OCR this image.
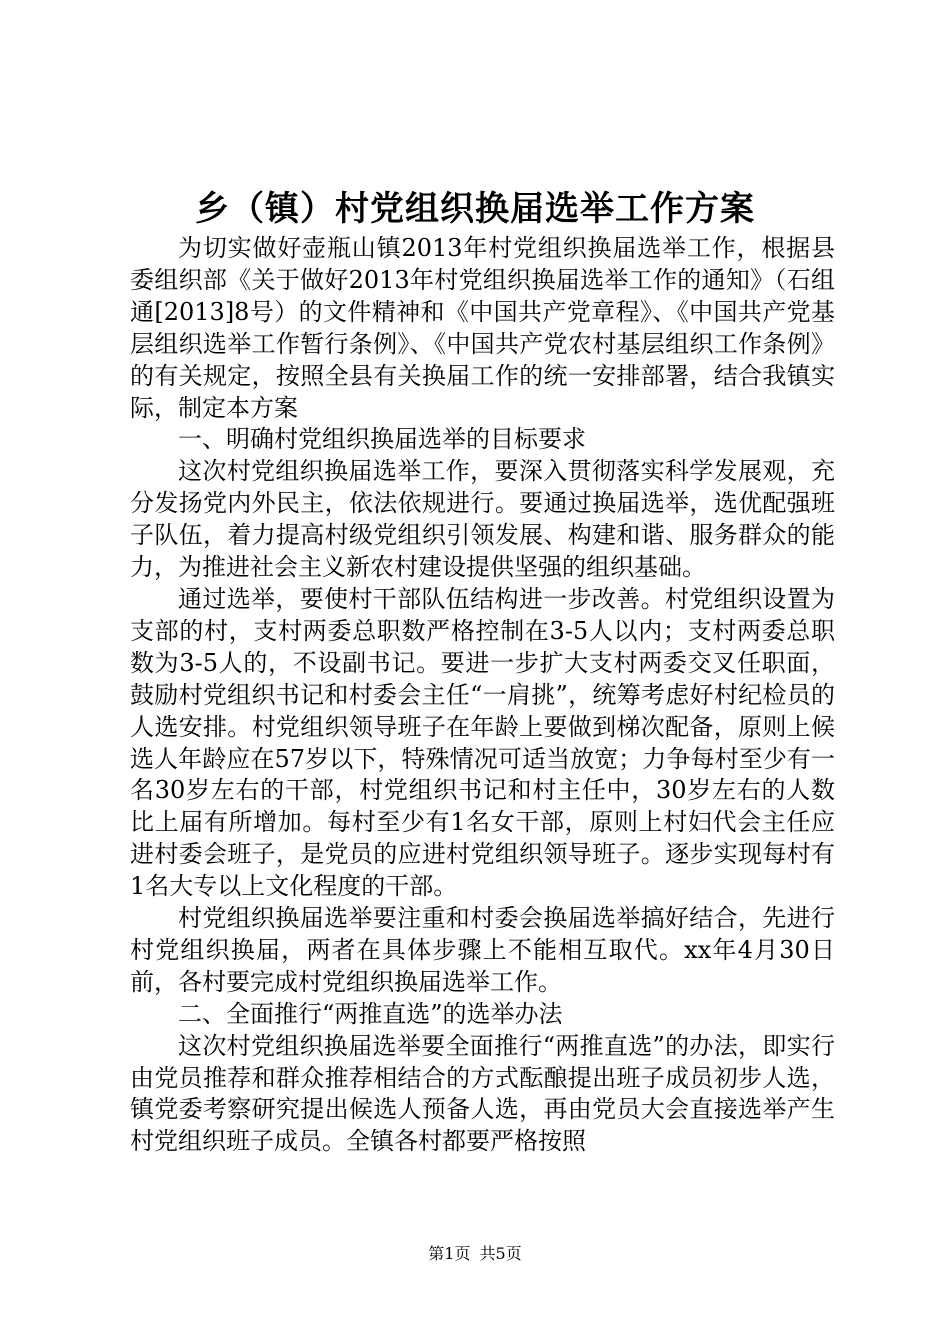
乡（镇）村党组织换届选举工作方案

为切实做好壶瓶山镇2013年村党组织换届选举工作，根据县委组织部《关于做好2013年村党组织换届选举工作的通知》（石组通[2013]8号）的文件精神和《中国共产党章程》、《中国共产党基层组织选举工作暂行条例》、《中国共产党农村基层组织工作条例》的有关规定，按照全县有关换届工作的统一安排部署，结合我镇实际，制定本方案

一、明确村党组织换届选举的目标要求

这次村党组织换届选举工作，要深入贯彻落实科学发展观，充分发扬党内外民主，依法依规进行。要通过换届选举，选优配强班子队伍，着力提高村级党组织引领发展、构建和谐、服务群众的能力，为推进社会主义新农村建设提供坚强的组织基础。

通过选举，要使村干部队伍结构进一步改善。村党组织设置为支部的村，支村两委总职数严格控制在3-5人以内；支村两委总职数为3-5人的，不设副书记。要进一步扩大支村两委交叉任职面，鼓励村党组织书记和村委会主任“一肩挑”，统筹考虑好村纪检员的人选安排。村党组织领导班子在年龄上要做到梯次配备，原则上候选人年龄应在57岁以下，特殊情况可适当放宽；力争每村至少有一名30岁左右的干部，村党组织书记和村主任中，30岁左右的人数比上届有所增加。每村至少有1名女干部，原则上村妇代会主任应进村委会班子，是党员的应进村党组织领导班子。逐步实现每村有1名大专以上文化程度的干部。

村党组织换届选举要注重和村委会换届选举搞好结合，先进行村党组织换届，两者在具体步骤上不能相互取代。xx年4月30日前，各村要完成村党组织换届选举工作。

二、全面推行“两推直选”的选举办法

这次村党组织换届选举要全面推行“两推直选”的办法，即实行由党员推荐和群众推荐相结合的方式酝酿提出班子成员初步人选，镇党委考察研究提出候选人预备人选，再由党员大会直接选举产生村党组织班子成员。全镇各村都要严格按照

第1页 共5页
